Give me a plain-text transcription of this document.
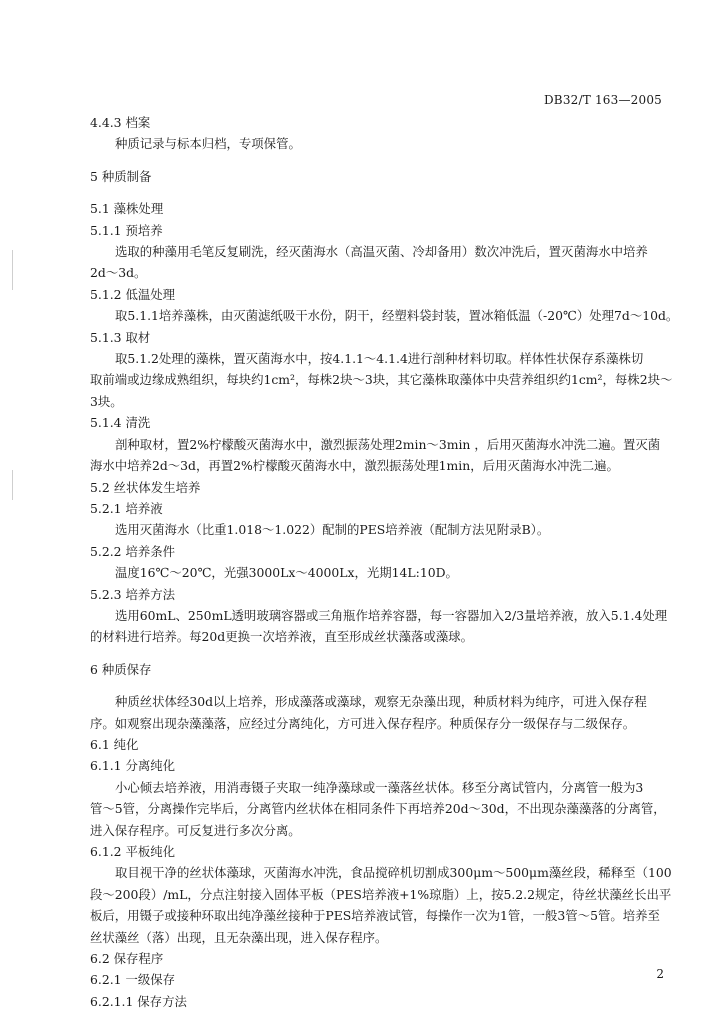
DB32/T 163—2005
4.4.3 档案
种质记录与标本归档，专项保管。
5 种质制备
5.1 藻株处理
5.1.1 预培养
选取的种藻用毛笔反复刷洗，经灭菌海水（高温灭菌、冷却备用）数次冲洗后，置灭菌海水中培养
2d～3d。
5.1.2 低温处理
取5.1.1培养藻株，由灭菌滤纸吸干水份，阴干，经塑料袋封装，置冰箱低温（-20℃）处理7d～10d。
5.1.3 取材
取5.1.2处理的藻株，置灭菌海水中，按4.1.1～4.1.4进行剖种材料切取。样体性状保存系藻株切
取前端或边缘成熟组织，每块约1cm²，每株2块～3块，其它藻株取藻体中央营养组织约1cm²，每株2块～
3块。
5.1.4 清洗
剖种取材，置2%柠檬酸灭菌海水中，激烈振荡处理2min～3min ，后用灭菌海水冲洗二遍。置灭菌
海水中培养2d～3d，再置2%柠檬酸灭菌海水中，激烈振荡处理1min，后用灭菌海水冲洗二遍。
5.2 丝状体发生培养
5.2.1 培养液
选用灭菌海水（比重1.018～1.022）配制的PES培养液（配制方法见附录B）。
5.2.2 培养条件
温度16℃～20℃，光强3000Lx～4000Lx，光期14L:10D。
5.2.3 培养方法
选用60mL、250mL透明玻璃容器或三角瓶作培养容器，每一容器加入2/3量培养液，放入5.1.4处理
的材料进行培养。每20d更换一次培养液，直至形成丝状藻落或藻球。
6 种质保存
种质丝状体经30d以上培养，形成藻落或藻球，观察无杂藻出现，种质材料为纯序，可进入保存程
序。如观察出现杂藻藻落，应经过分离纯化，方可进入保存程序。种质保存分一级保存与二级保存。
6.1 纯化
6.1.1 分离纯化
小心倾去培养液，用消毒镊子夹取一纯净藻球或一藻落丝状体。移至分离试管内，分离管一般为3
管～5管，分离操作完毕后，分离管内丝状体在相同条件下再培养20d～30d，不出现杂藻藻落的分离管，
进入保存程序。可反复进行多次分离。
6.1.2 平板纯化
取目视干净的丝状体藻球，灭菌海水冲洗，食品搅碎机切割成300μm～500μm藻丝段，稀释至（100
段～200段）/mL，分点注射接入固体平板（PES培养液+1%琼脂）上，按5.2.2规定，待丝状藻丝长出平
板后，用镊子或接种环取出纯净藻丝接种于PES培养液试管，每操作一次为1管，一般3管～5管。培养至
丝状藻丝（落）出现，且无杂藻出现，进入保存程序。
6.2 保存程序
6.2.1 一级保存
6.2.1.1 保存方法
2
